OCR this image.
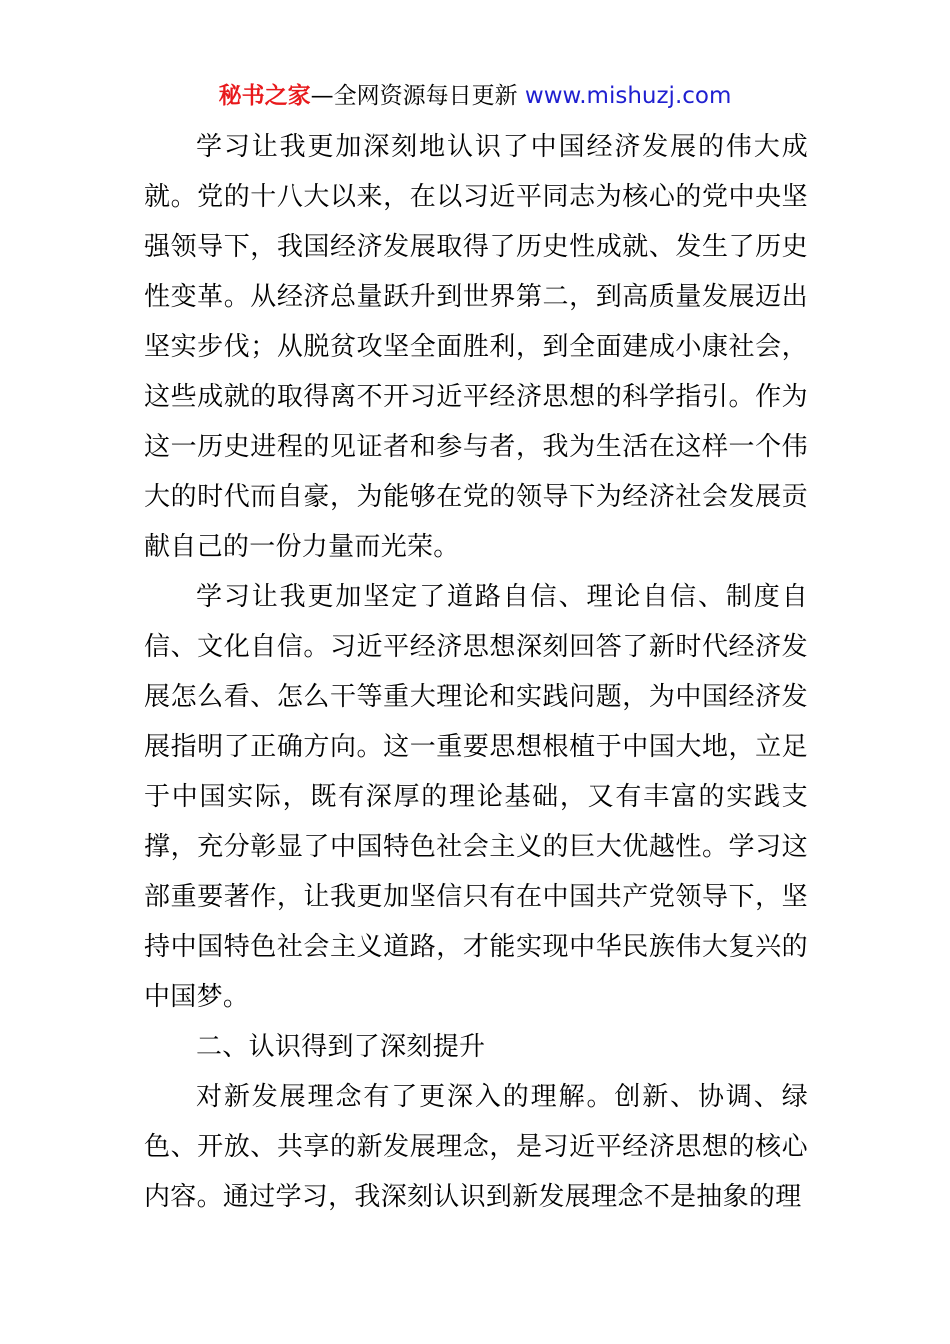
秘书之家—全网资源每日更新 www.mishuzj.com

学习让我更加深刻地认识了中国经济发展的伟大成就。党的十八大以来，在以习近平同志为核心的党中央坚强领导下，我国经济发展取得了历史性成就、发生了历史性变革。从经济总量跃升到世界第二，到高质量发展迈出坚实步伐；从脱贫攻坚全面胜利，到全面建成小康社会，这些成就的取得离不开习近平经济思想的科学指引。作为这一历史进程的见证者和参与者，我为生活在这样一个伟大的时代而自豪，为能够在党的领导下为经济社会发展贡献自己的一份力量而光荣。

学习让我更加坚定了道路自信、理论自信、制度自信、文化自信。习近平经济思想深刻回答了新时代经济发展怎么看、怎么干等重大理论和实践问题，为中国经济发展指明了正确方向。这一重要思想根植于中国大地，立足于中国实际，既有深厚的理论基础，又有丰富的实践支撑，充分彰显了中国特色社会主义的巨大优越性。学习这部重要著作，让我更加坚信只有在中国共产党领导下，坚持中国特色社会主义道路，才能实现中华民族伟大复兴的中国梦。

二、认识得到了深刻提升

对新发展理念有了更深入的理解。创新、协调、绿色、开放、共享的新发展理念，是习近平经济思想的核心内容。通过学习，我深刻认识到新发展理念不是抽象的理
